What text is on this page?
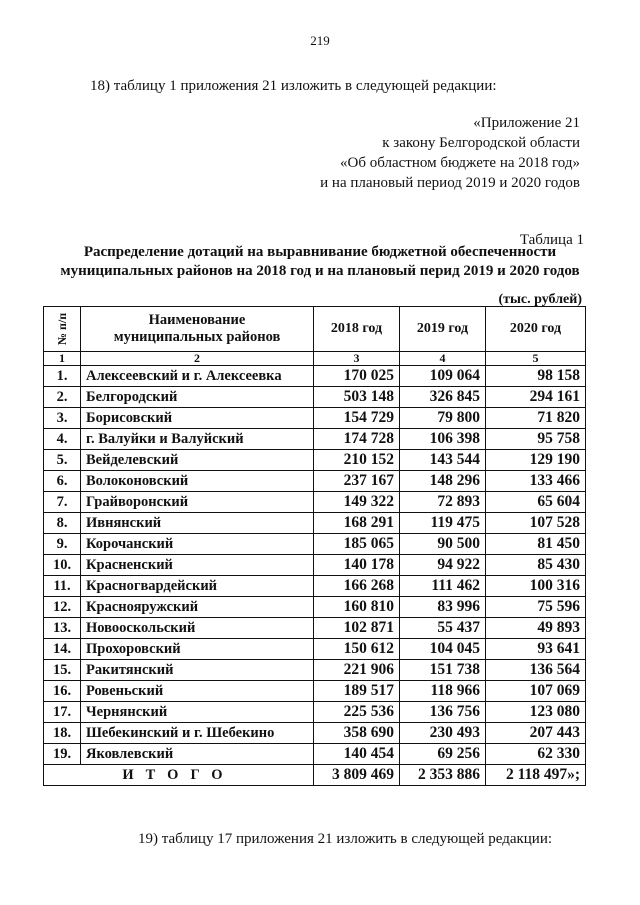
219
18) таблицу 1 приложения 21 изложить в следующей редакции:
«Приложение 21
к закону Белгородской области
«Об областном бюджете на 2018 год»
и на плановый период 2019 и 2020 годов
Таблица 1
Распределение дотаций на выравнивание бюджетной обеспеченности
муниципальных районов на 2018 год и на плановый перид 2019 и 2020 годов
(тыс. рублей)
№ п/п	Наименование
муниципальных районов	2018 год	2019 год	2020 год
1	2	3	4	5
1.	Алексеевский и г. Алексеевка	170 025	109 064	98 158
2.	Белгородский	503 148	326 845	294 161
3.	Борисовский	154 729	79 800	71 820
4.	г. Валуйки и Валуйский	174 728	106 398	95 758
5.	Вейделевский	210 152	143 544	129 190
6.	Волоконовский	237 167	148 296	133 466
7.	Грайворонский	149 322	72 893	65 604
8.	Ивнянский	168 291	119 475	107 528
9.	Корочанский	185 065	90 500	81 450
10.	Красненский	140 178	94 922	85 430
11.	Красногвардейский	166 268	111 462	100 316
12.	Краснояружский	160 810	83 996	75 596
13.	Новооскольский	102 871	55 437	49 893
14.	Прохоровский	150 612	104 045	93 641
15.	Ракитянский	221 906	151 738	136 564
16.	Ровеньский	189 517	118 966	107 069
17.	Чернянский	225 536	136 756	123 080
18.	Шебекинский и г. Шебекино	358 690	230 493	207 443
19.	Яковлевский	140 454	69 256	62 330
ИТОГО		3 809 469	2 353 886	2 118 497»;
19) таблицу 17 приложения 21 изложить в следующей редакции:
